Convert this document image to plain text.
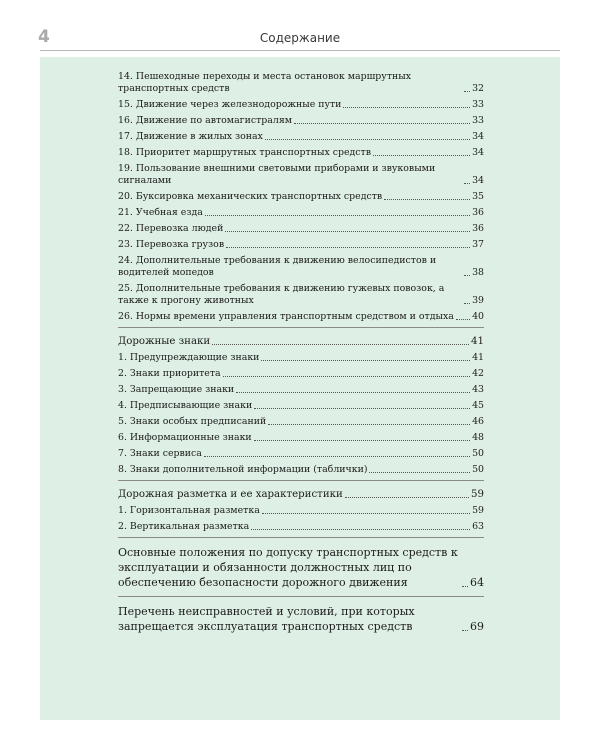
4	Содержание
14. Пешеходные переходы и места остановок маршрутных транспортных средств	32
15. Движение через железнодорожные пути	33
16. Движение по автомагистралям	33
17. Движение в жилых зонах	34
18. Приоритет маршрутных транспортных средств	34
19. Пользование внешними световыми приборами и звуковыми сигналами	34
20. Буксировка механических транспортных средств	35
21. Учебная езда	36
22. Перевозка людей	36
23. Перевозка грузов	37
24. Дополнительные требования к движению велосипедистов и водителей мопедов	38
25. Дополнительные требования к движению гужевых повозок, а также к прогону животных	39
26. Нормы времени управления транспортным средством и отдыха 40
Дорожные знаки	41
1. Предупреждающие знаки	41
2. Знаки приоритета	42
3. Запрещающие знаки	43
4. Предписывающие знаки	45
5. Знаки особых предписаний	46
6. Информационные знаки	48
7. Знаки сервиса	50
8. Знаки дополнительной информации (таблички)	50
Дорожная разметка и ее характеристики	59
1. Горизонтальная разметка	59
2. Вертикальная разметка	63
Основные положения по допуску транспортных средств к эксплуатации и обязанности должностных лиц по обеспечению безопасности дорожного движения	64
Перечень неисправностей и условий, при которых запрещается эксплуатация транспортных средств	69
